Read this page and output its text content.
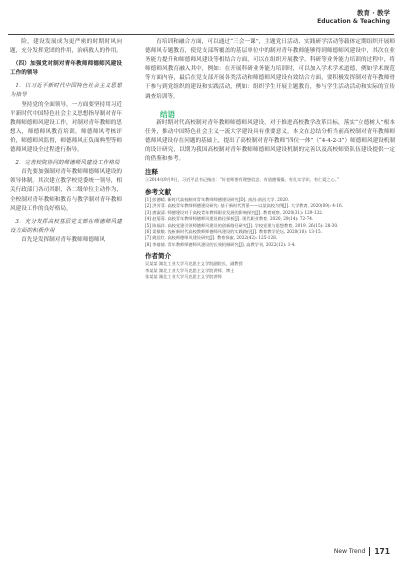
教育 · 教学
Education & Teaching

险，建设发展成为更严密的时期时风向题，充分发挥党团的作用，治病救人的作用。

（四）加强党对制对青年教师师德师风建设工作的领导

1．以习近平新时代中国特色社会主义思想为指导

坚持党的全面领导，一方面要坚持用习近平新时代中国特色社会主义思想指导制对青年教师师德师风建设工作，对制对青年教师的思想入，师德师风教育培训，师德师风考核评价，师德师风监督，师德师风正负面典型等师德师风建设全过程进行指导。

2．完善校院协同的师德师风建设工作格局

首先要加强制对青年教师师德师风建设的领导体制。其次建立教学校党委统一领导，相关行政部门各司其职，各二级单位主动作为，全校制对青年教师和教育与教学制对青年教师风建设工作的良好格局。

3．充分发挥高校基层党支部在师德师风建设方面的积极作用

首先是发挥制对青年教师师德师风

育培训和融合方面，可以通过“三会一课”，主题党日活动、实践研学活动等载体定期组织开展师德师风专题教育，使党支部所覆盖的基层单位中的制对青年教师能够得到师德师风建设中，其次在业务能力提升和师德师风建设等相结合方面，可以在组织开展教学、科研等业务能力培训的过程中，将师德师风教育融入其中，例如：在开展科研业务能力培训时，可以加入学术学术道德，例如学术规范等方面内容，最后在党支部开展各类活动和师德师风建设有效结合方面，要积极发挥制对青年教师骨干参与到党组织的建设和实践活动，例如：组织学生开展主题教育，参与学生活动活动和实际的宣传调查培训等。

结语

新时期对代高校制对青年教师师德师风建设，对于推进高校教学改革目标，落实“立德树人”根本任务，推动中国特色社会主义一流大学建设具有重要意义。本文在总结分析当前高校制对青年教师师德师风建设存在问题的基础上，提出了高校制对青年教师“四位一体”（“4-4-2-3”）师德师风建设机制的设计研究，以期为我国高校制对青年教师师德师风建设机制的完善以及高校师资队伍建设提供一定的借鉴和参考。

注释

①2014年9月9日，习近平总书记指出：“好老师要有理想信念、有道德情操、有扎实学识、有仁爱之心。”

参考文献

[1] 彭德晴. 新时代高校制对青年教师师德建设研究[D]. 南昌:南昌大学, 2020.

[2] 洪芳菲. 高校青年教师师德建设研究: 基于新时代背景——以某高校为例[J]. 大学教育, 2020(09): 4-16.

[3] 唐淑清. 师德建设对于高校青年教师职业发展的影响探究[J]. 教育观察, 2020(31): 129-132.

[4] 赵菊蓉. 高校青年教师师德师风建设路径探析[J]. 现代职业教育, 2020, 29(14): 72-74.

[5] 陈福祥. 高校党建引领师德师风建设的创新路径研究[J]. 学校党建与思想教育, 2019, 26(15): 28-30.

[6] 姜敏敏. 浅析新时代高校教师师德师风建设的实践路径[J]. 教育教学论坛, 2020(10): 13-15.

[7] 姚佳红. 高校师德师风建设研究[J]. 教育探索, 2022(42): 125-128.

[8] 李倩倩. 青年教师师德师风建设的长效机制研究[J]. 高教学刊, 2022(12): 1-4.

作者简介

吴某某 湖北工业大学马克思主义学院副院长、副教授

李某某 湖北工业大学马克思主义学院讲师、博士

张某某 湖北工业大学马克思主义学院讲师

New Trend 171
